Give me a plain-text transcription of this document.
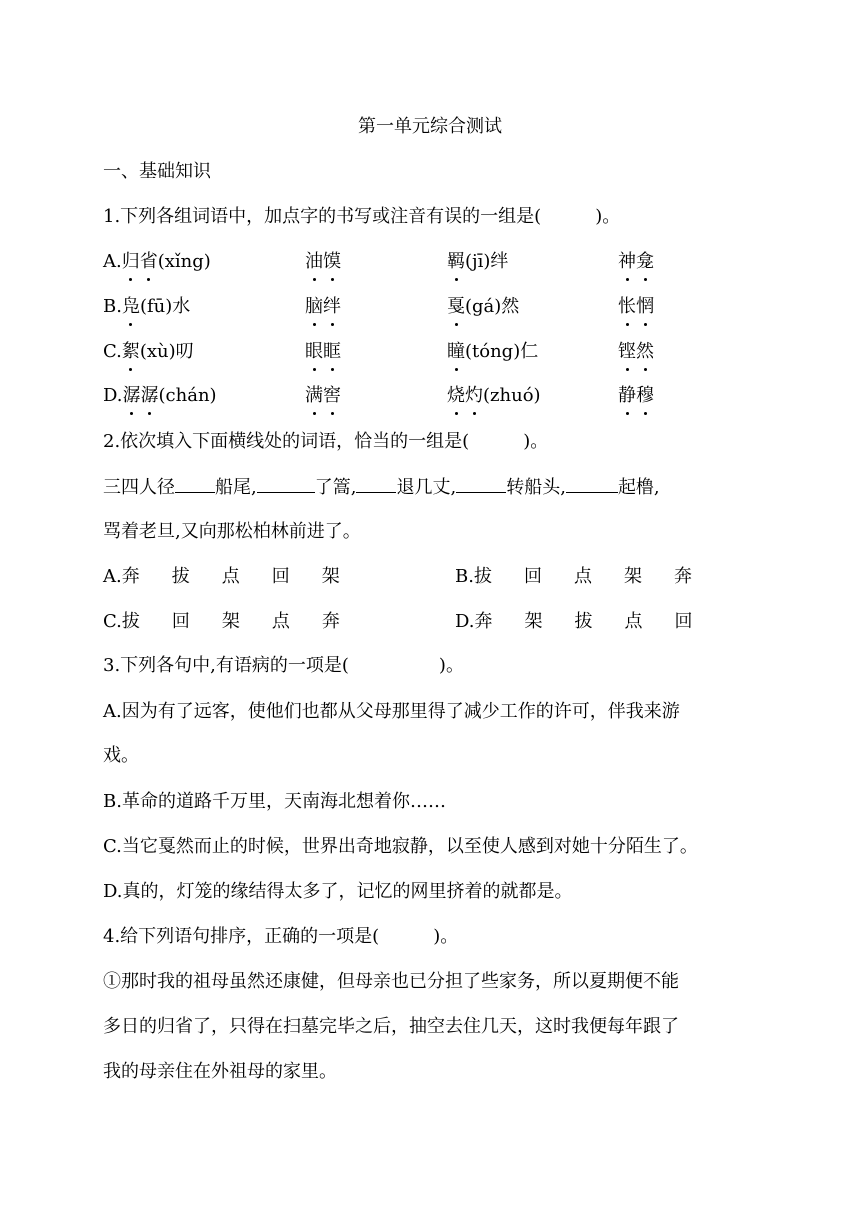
第一单元综合测试
一、基础知识
1.下列各组词语中，加点字的书写或注音有误的一组是(　　　)。
A.归省(xǐng)	油馍	羁(jī)绊	神龛
B.凫(fū)水	脑绊	戛(gá)然	怅惘
C.絮(xù)叨	眼眶	瞳(tóng)仁	铿然
D.潺潺(chán)	满窖	烧灼(zhuó)	静穆
2.依次填入下面横线处的词语，恰当的一组是(　　　)。
三四人径 船尾,	了篙, 退几丈,	转船头,	起橹,
骂着老旦,又向那松柏林前进了。
A.奔 拔 点 回 架	B.拔 回 点 架 奔
C.拔 回 架 点 奔	D.奔 架 拔 点 回
3.下列各句中,有语病的一项是(　　　　　)。
A.因为有了远客，使他们也都从父母那里得了减少工作的许可，伴我来游
戏。
B.革命的道路千万里，天南海北想着你……
C.当它戛然而止的时候，世界出奇地寂静，以至使人感到对她十分陌生了。
D.真的，灯笼的缘结得太多了，记忆的网里挤着的就都是。
4.给下列语句排序，正确的一项是(　　　)。
①那时我的祖母虽然还康健，但母亲也已分担了些家务，所以夏期便不能
多日的归省了，只得在扫墓完毕之后，抽空去住几天，这时我便每年跟了
我的母亲住在外祖母的家里。
